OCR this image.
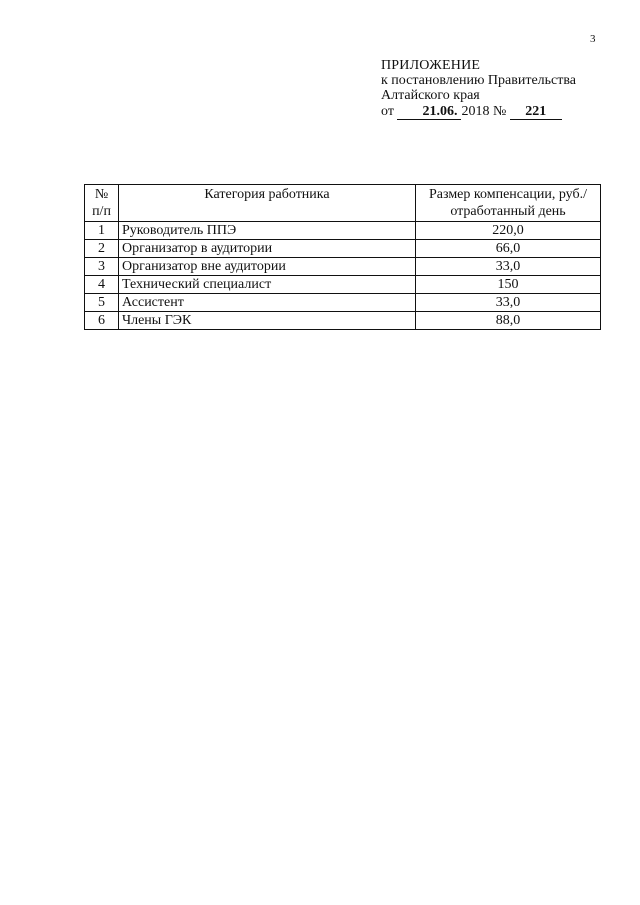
3
ПРИЛОЖЕНИЕ
к постановлению Правительства
Алтайского края
от 21.06. 2018 № 221
№ п/п	Категория работника	Размер компенсации, руб./отработанный день
1	Руководитель ППЭ	220,0
2	Организатор в аудитории	66,0
3	Организатор вне аудитории	33,0
4	Технический специалист	150
5	Ассистент	33,0
6	Члены ГЭК	88,0
